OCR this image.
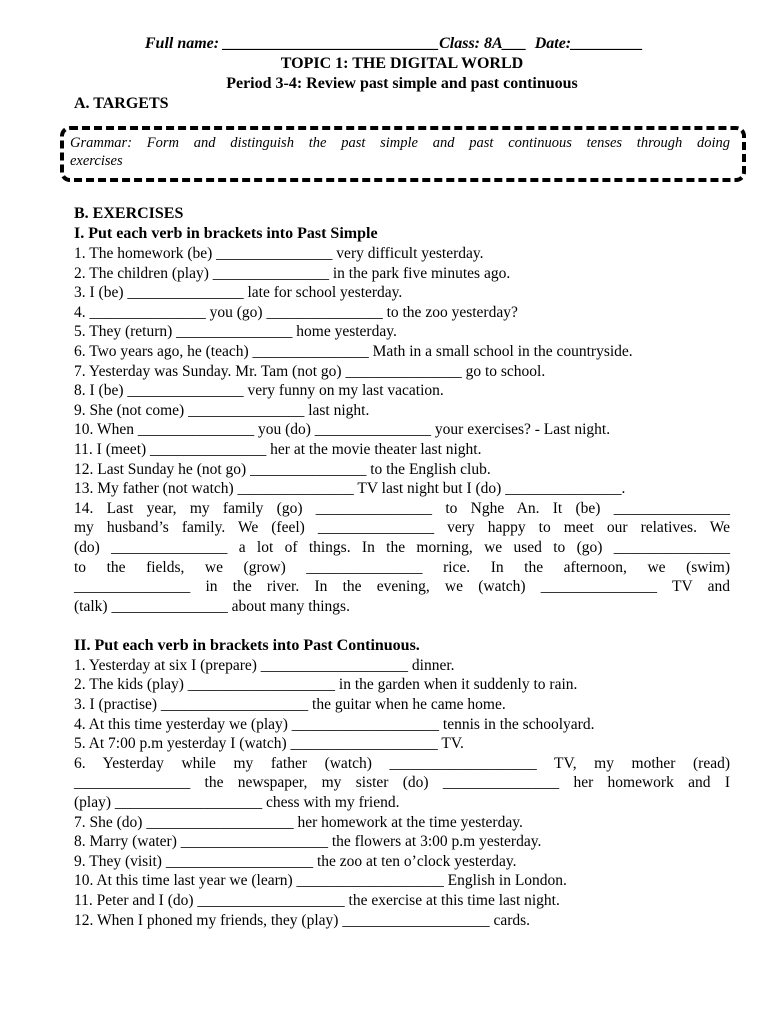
Full name: ___________________________Class: 8A___ Date:_________
TOPIC 1: THE DIGITAL WORLD
Period 3-4: Review past simple and past continuous
A. TARGETS
Grammar: Form and distinguish the past simple and past continuous tenses through doing
exercises
B. EXERCISES
I. Put each verb in brackets into Past Simple
1. The homework (be) _______________ very difficult yesterday.
2. The children (play) _______________ in the park five minutes ago.
3. I (be) _______________ late for school yesterday.
4. _______________ you (go) _______________ to the zoo yesterday?
5. They (return) _______________ home yesterday.
6. Two years ago, he (teach) _______________ Math in a small school in the countryside.
7. Yesterday was Sunday. Mr. Tam (not go) _______________ go to school.
8. I (be) _______________ very funny on my last vacation.
9. She (not come) _______________ last night.
10. When _______________ you (do) _______________ your exercises? - Last night.
11. I (meet) _______________ her at the movie theater last night.
12. Last Sunday he (not go) _______________ to the English club.
13. My father (not watch) _______________ TV last night but I (do) _______________.
14. Last year, my family (go) _______________ to Nghe An. It (be) _______________
my husband’s family. We (feel) _______________ very happy to meet our relatives. We
(do) _______________ a lot of things. In the morning, we used to (go) _______________
to the fields, we (grow) _______________ rice. In the afternoon, we (swim)
_______________ in the river. In the evening, we (watch) _______________ TV and
(talk) _______________ about many things.
II. Put each verb in brackets into Past Continuous.
1. Yesterday at six I (prepare) ___________________ dinner.
2. The kids (play) ___________________ in the garden when it suddenly to rain.
3. I (practise) ___________________ the guitar when he came home.
4. At this time yesterday we (play) ___________________ tennis in the schoolyard.
5. At 7:00 p.m yesterday I (watch) ___________________ TV.
6. Yesterday while my father (watch) ___________________ TV, my mother (read)
_______________ the newspaper, my sister (do) _______________ her homework and I
(play) ___________________ chess with my friend.
7. She (do) ___________________ her homework at the time yesterday.
8. Marry (water) ___________________ the flowers at 3:00 p.m yesterday.
9. They (visit) ___________________ the zoo at ten o’clock yesterday.
10. At this time last year we (learn) ___________________ English in London.
11. Peter and I (do) ___________________ the exercise at this time last night.
12. When I phoned my friends, they (play) ___________________ cards.
